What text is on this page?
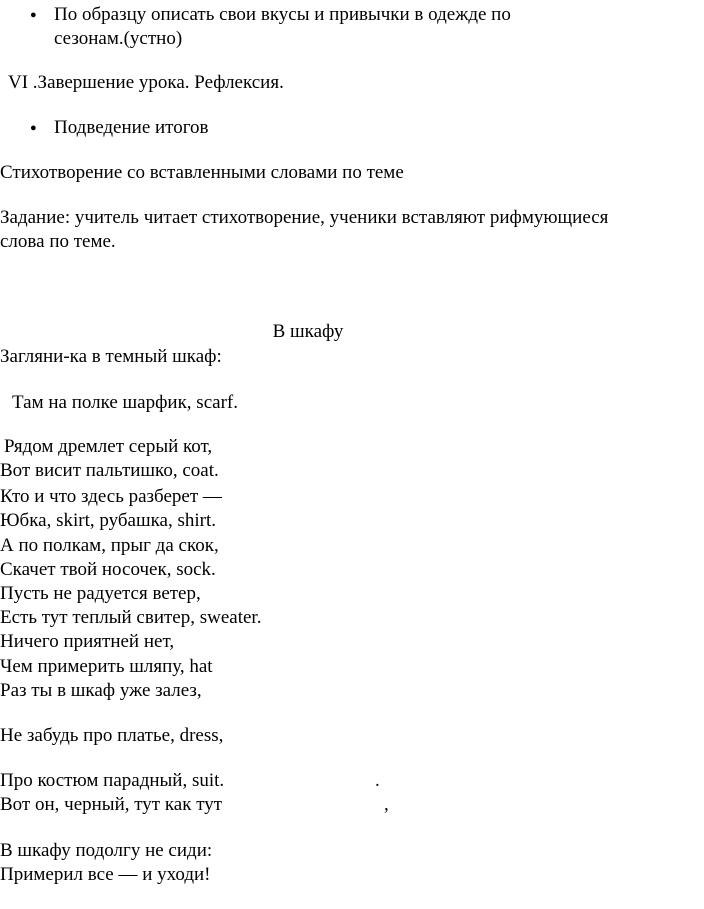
● По образцу описать свои вкусы и привычки в одежде по

сезонам.(устно)

VI .Завершение урока. Рефлексия.

● Подведение итогов

Стихотворение со вставленными словами по теме

Задание: учитель читает стихотворение, ученики вставляют рифмующиеся

слова по теме.

В шкафу

Загляни-ка в темный шкаф:

Там на полке шарфик, scarf.

Рядом дремлет серый кот,

Вот висит пальтишко, coat.

Кто и что здесь разберет —

Юбка, skirt, рубашка, shirt.

А по полкам, прыг да скок,

Скачет твой носочек, sock.

Пусть не радуется ветер,

Есть тут теплый свитер, sweater.

Ничего приятней нет,

Чем примерить шляпу, hat

Раз ты в шкаф уже залез,

Не забудь про платье, dress,

Про костюм парадный, suit.	.

Вот он, черный, тут как тут	,

В шкафу подолгу не сиди:

Примерил все — и уходи!
